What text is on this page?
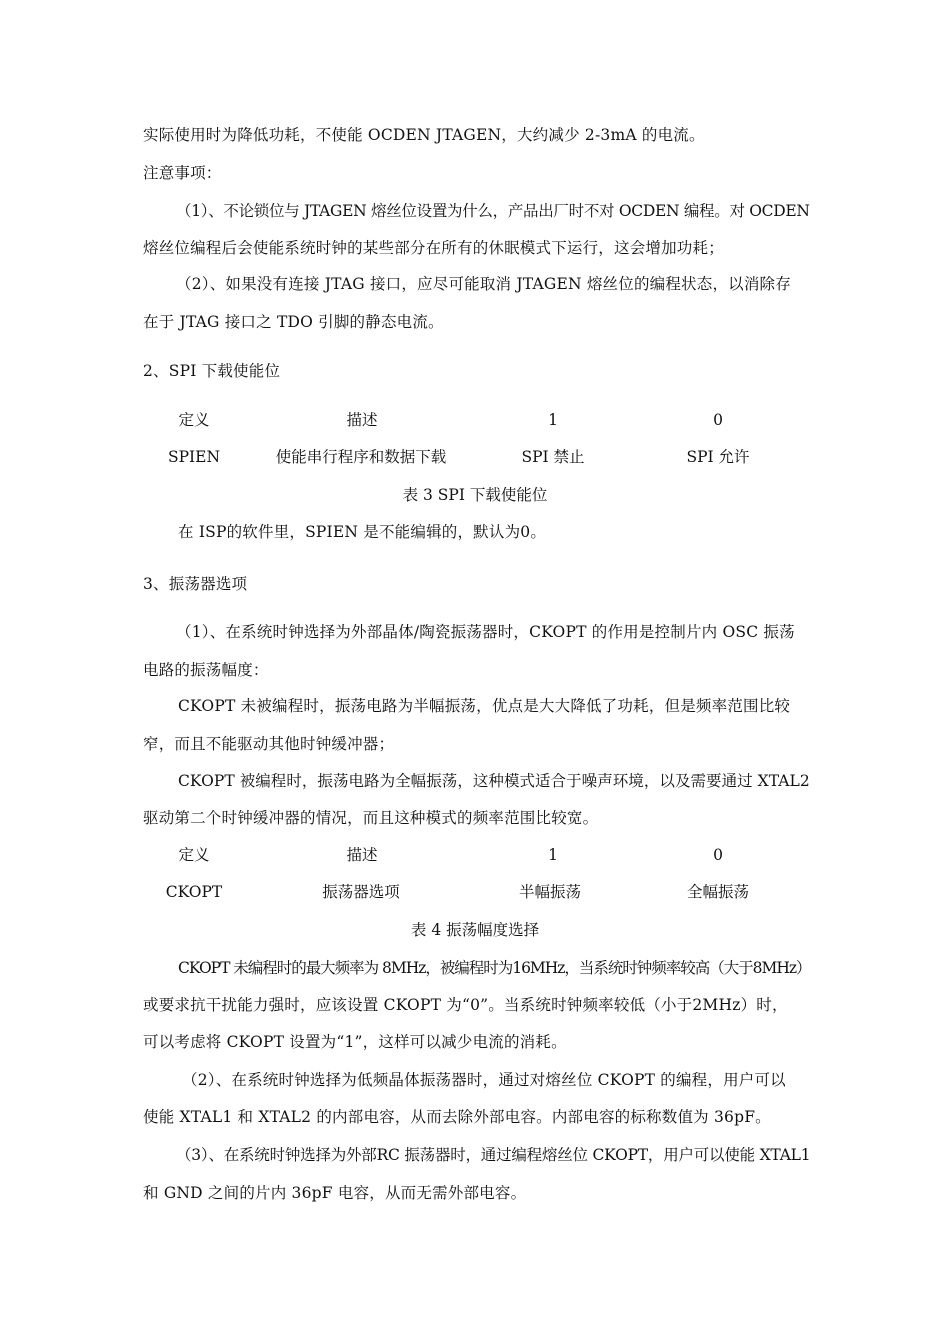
实际使用时为降低功耗，不使能 OCDEN JTAGEN，大约减少 2-3mA 的电流。
注意事项：
（1）、不论锁位与 JTAGEN 熔丝位设置为什么，产品出厂时不对 OCDEN 编程。对 OCDEN
熔丝位编程后会使能系统时钟的某些部分在所有的休眠模式下运行，这会增加功耗；
（2）、如果没有连接 JTAG 接口，应尽可能取消 JTAGEN 熔丝位的编程状态，以消除存
在于 JTAG 接口之 TDO 引脚的静态电流。
2、SPI 下载使能位
定义	描述	1	0
SPIEN	使能串行程序和数据下载	SPI 禁止	SPI 允许
表 3 SPI 下载使能位
在 ISP的软件里，SPIEN 是不能编辑的，默认为0。
3、振荡器选项
（1）、在系统时钟选择为外部晶体/陶瓷振荡器时，CKOPT 的作用是控制片内 OSC 振荡
电路的振荡幅度：
CKOPT 未被编程时，振荡电路为半幅振荡，优点是大大降低了功耗，但是频率范围比较
窄，而且不能驱动其他时钟缓冲器；
CKOPT 被编程时，振荡电路为全幅振荡，这种模式适合于噪声环境，以及需要通过 XTAL2
驱动第二个时钟缓冲器的情况，而且这种模式的频率范围比较宽。
定义	描述	1	0
CKOPT	振荡器选项	半幅振荡	全幅振荡
表 4 振荡幅度选择
CKOPT 未编程时的最大频率为 8MHz，被编程时为16MHz，当系统时钟频率较高（大于8MHz）
或要求抗干扰能力强时，应该设置 CKOPT 为“0”。当系统时钟频率较低（小于2MHz）时，
可以考虑将 CKOPT 设置为“1”，这样可以减少电流的消耗。
（2）、在系统时钟选择为低频晶体振荡器时，通过对熔丝位 CKOPT 的编程，用户可以
使能 XTAL1 和 XTAL2 的内部电容，从而去除外部电容。内部电容的标称数值为 36pF。
（3）、在系统时钟选择为外部RC 振荡器时，通过编程熔丝位 CKOPT，用户可以使能 XTAL1
和 GND 之间的片内 36pF 电容，从而无需外部电容。
